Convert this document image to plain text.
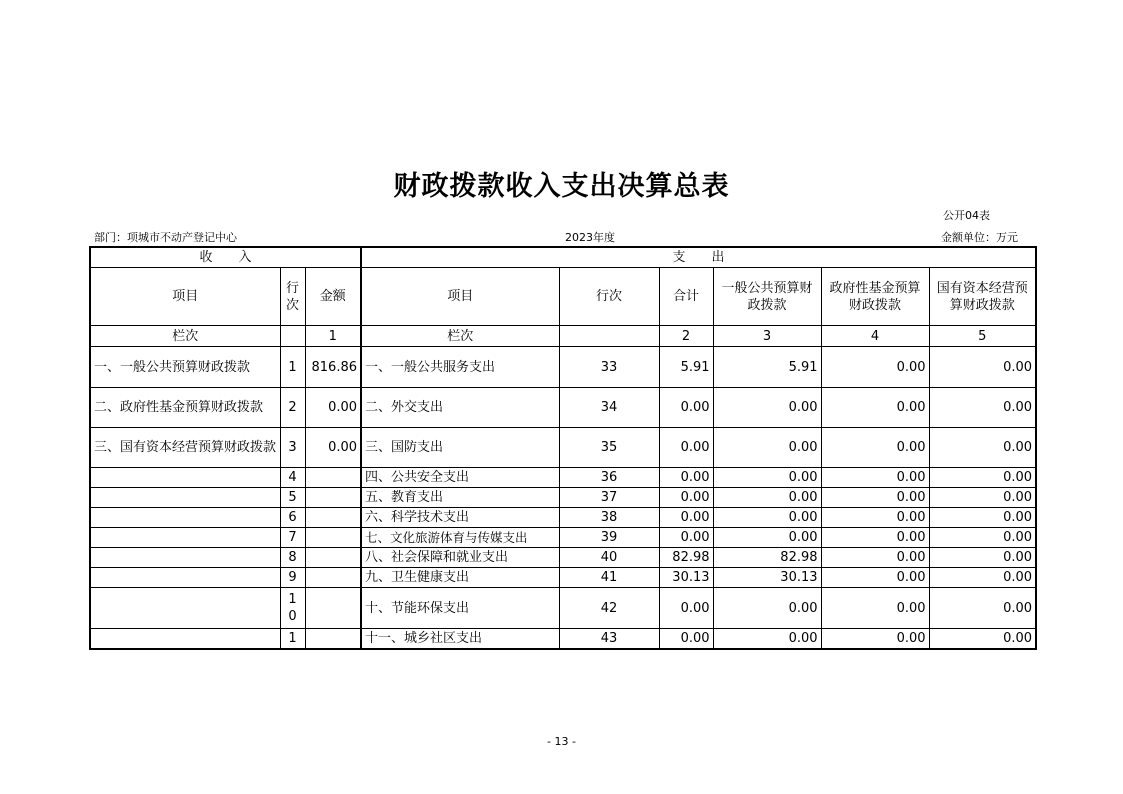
财政拨款收入支出决算总表
公开04表
部门：项城市不动产登记中心	2023年度	金额单位：万元
收　　入			支　　出					
项目	行次	金额	项目	行次	合计	一般公共预算财政拨款	政府性基金预算财政拨款	国有资本经营预算财政拨款
栏次		1	栏次		2	3	4	5
一、一般公共预算财政拨款	1	816.86	一、一般公共服务支出	33	5.91	5.91	0.00	0.00
二、政府性基金预算财政拨款	2	0.00	二、外交支出	34	0.00	0.00	0.00	0.00
三、国有资本经营预算财政拨款	3	0.00	三、国防支出	35	0.00	0.00	0.00	0.00
	4		四、公共安全支出	36	0.00	0.00	0.00	0.00
	5		五、教育支出	37	0.00	0.00	0.00	0.00
	6		六、科学技术支出	38	0.00	0.00	0.00	0.00
	7		七、文化旅游体育与传媒支出	39	0.00	0.00	0.00	0.00
	8		八、社会保障和就业支出	40	82.98	82.98	0.00	0.00
	9		九、卫生健康支出	41	30.13	30.13	0.00	0.00
	10		十、节能环保支出	42	0.00	0.00	0.00	0.00
	1		十一、城乡社区支出	43	0.00	0.00	0.00	0.00
- 13 -
